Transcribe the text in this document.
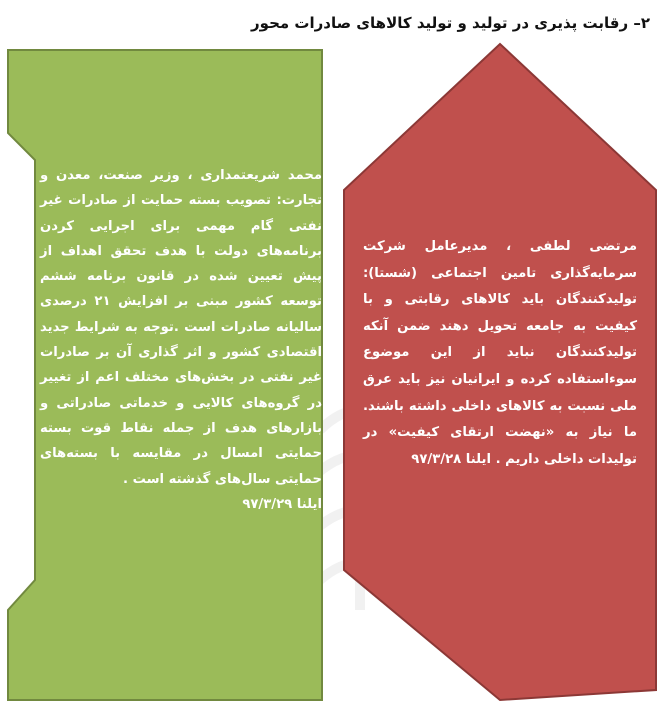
۲– رقابت پذیری در تولید و تولید کالاهای صادرات محور
محمد شریعتمداری ، وزیر صنعت، معدن و تجارت: تصویب بسته حمایت از صادرات غیر نفتی گام مهمی برای اجرایی کردن برنامه‌های دولت با هدف تحقق اهداف از پیش تعیین شده در قانون برنامه ششم توسعه کشور مبنی بر افزایش ۲۱ درصدی سالیانه صادرات است .توجه به شرایط جدید اقتصادی کشور و اثر گذاری آن بر صادرات غیر نفتی در بخش‌های مختلف اعم از تغییر در گروه‌های کالایی و خدماتی صادراتی و بازارهای هدف از جمله نقاط قوت بسته حمایتی امسال در مقایسه با بسته‌های حمایتی سال‌های گذشته است .
ایلنا ۹۷/۳/۲۹
مرتضی لطفی ، مدیرعامل شرکت سرمایه‌گذاری تامین اجتماعی (شستا): تولیدکنندگان باید کالاهای رقابتی و با کیفیت به جامعه تحویل دهند ضمن آنکه تولیدکنندگان نباید از این موضوع سوءاستفاده کرده و ایرانیان نیز باید عرق ملی نسبت به کالاهای داخلی داشته باشند. ما نیاز به «نهضت ارتقای کیفیت» در تولیدات داخلی داریم . ایلنا ۹۷/۳/۲۸
